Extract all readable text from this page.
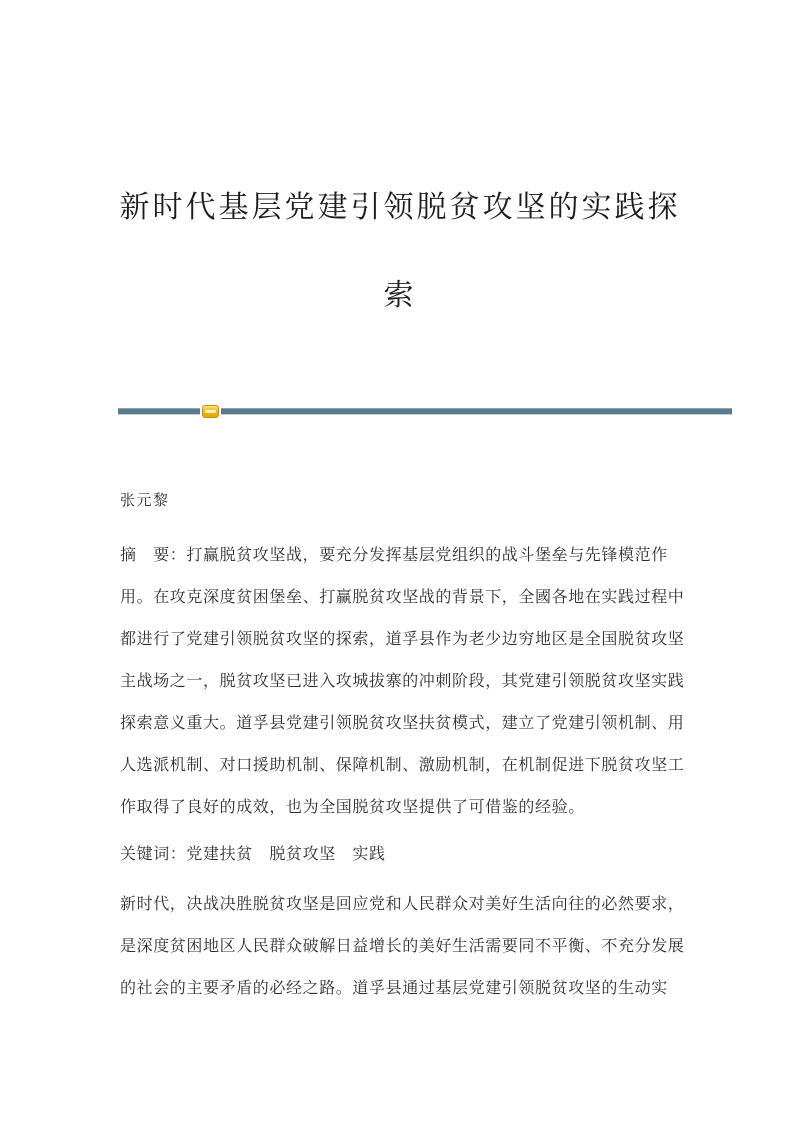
新时代基层党建引领脱贫攻坚的实践探
索
张元黎
摘　要：打赢脱贫攻坚战，要充分发挥基层党组织的战斗堡垒与先锋模范作
用。在攻克深度贫困堡垒、打赢脱贫攻坚战的背景下，全國各地在实践过程中
都进行了党建引领脱贫攻坚的探索，道孚县作为老少边穷地区是全国脱贫攻坚
主战场之一，脱贫攻坚已进入攻城拔寨的冲刺阶段，其党建引领脱贫攻坚实践
探索意义重大。道孚县党建引领脱贫攻坚扶贫模式，建立了党建引领机制、用
人选派机制、对口援助机制、保障机制、激励机制，在机制促进下脱贫攻坚工
作取得了良好的成效，也为全国脱贫攻坚提供了可借鉴的经验。
关键词：党建扶贫　脱贫攻坚　实践
新时代，决战决胜脱贫攻坚是回应党和人民群众对美好生活向往的必然要求，
是深度贫困地区人民群众破解日益增长的美好生活需要同不平衡、不充分发展
的社会的主要矛盾的必经之路。道孚县通过基层党建引领脱贫攻坚的生动实
